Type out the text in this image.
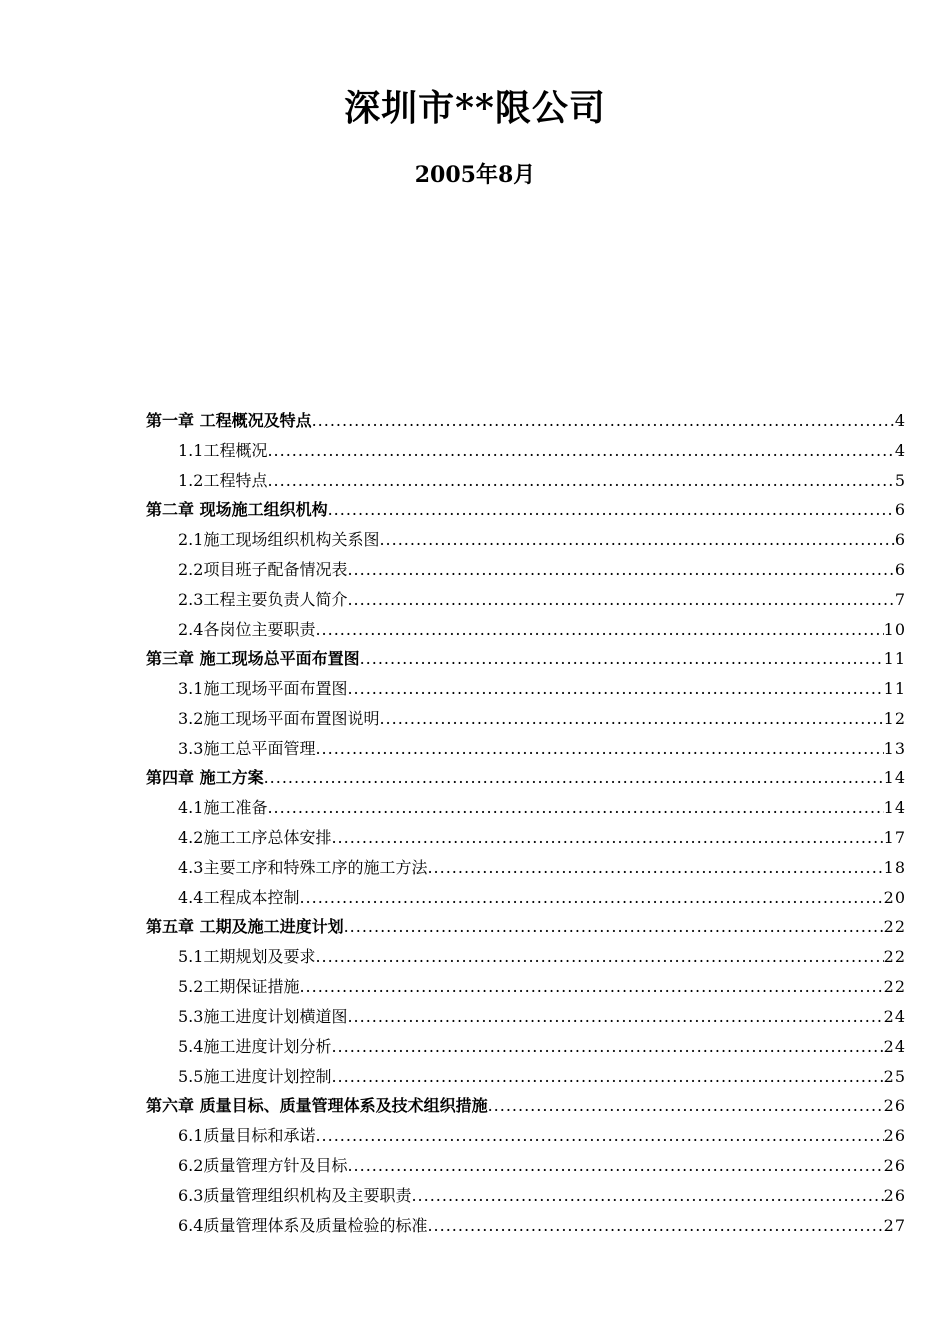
深圳市**限公司
2005年8月
第一章 工程概况及特点 .....	4
1.1工程概况 .....	4
1.2工程特点 .....	5
第二章 现场施工组织机构 .....	6
2.1施工现场组织机构关系图 .....	6
2.2项目班子配备情况表 .....	6
2.3工程主要负责人简介 .....	7
2.4各岗位主要职责 .....	10
第三章 施工现场总平面布置图 .....	11
3.1施工现场平面布置图 .....	11
3.2施工现场平面布置图说明 .....	12
3.3施工总平面管理 .....	13
第四章 施工方案 .....	14
4.1施工准备 .....	14
4.2施工工序总体安排 .....	17
4.3主要工序和特殊工序的施工方法 .....	18
4.4工程成本控制 .....	20
第五章 工期及施工进度计划 .....	22
5.1工期规划及要求 .....	22
5.2工期保证措施 .....	22
5.3施工进度计划横道图 .....	24
5.4施工进度计划分析 .....	24
5.5施工进度计划控制 .....	25
第六章 质量目标、质量管理体系及技术组织措施 .....	26
6.1质量目标和承诺 .....	26
6.2质量管理方针及目标 .....	26
6.3质量管理组织机构及主要职责 .....	26
6.4质量管理体系及质量检验的标准 .....	27
